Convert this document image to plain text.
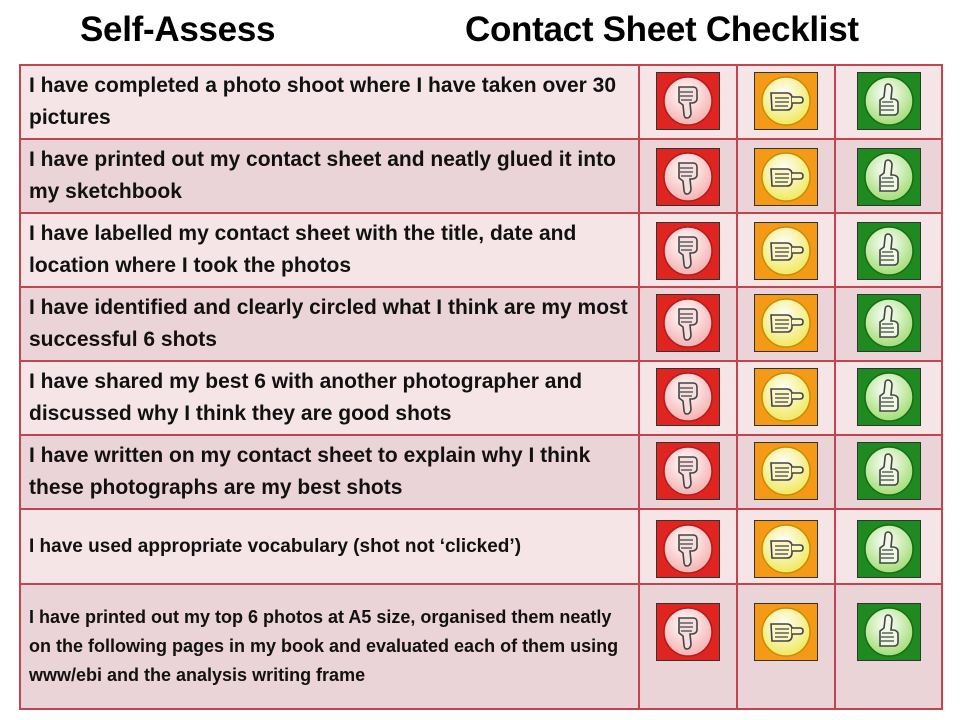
Self-Assess	Contact Sheet Checklist
I have completed a photo shoot where I have taken over 30 pictures	

I have printed out my contact sheet and neatly glued it into my sketchbook	

I have labelled my contact sheet with the title, date and location where I took the photos	

I have identified and clearly circled what I think are my most successful 6 shots	

I have shared my best 6 with another photographer and discussed why I think they are good shots	

I have written on my contact sheet to explain why I think these photographs are my best shots	

I have used appropriate vocabulary (shot not ‘clicked’)	

I have printed out my top 6 photos at A5 size, organised them neatly on the following pages in my book and evaluated each of them using www/ebi and the analysis writing frame	
